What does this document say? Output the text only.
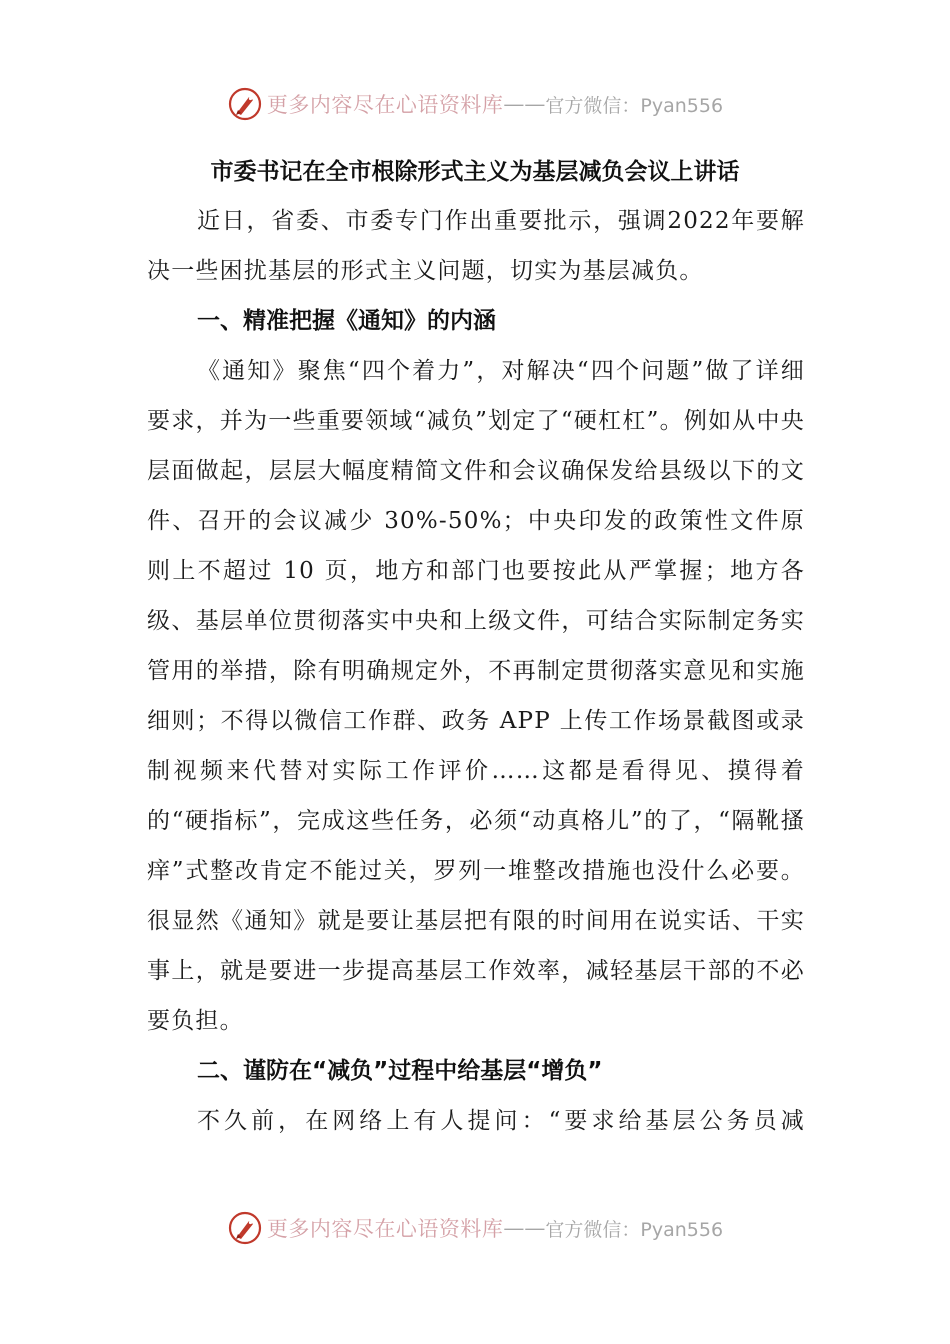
更多内容尽在心语资料库 —— 官方微信：Pyan556
市委书记在全市根除形式主义为基层减负会议上讲话

近日，省委、市委专门作出重要批示，强调2022年要解决一些困扰基层的形式主义问题，切实为基层减负。

一、精准把握《通知》的内涵

《通知》聚焦“四个着力”，对解决“四个问题”做了详细要求，并为一些重要领域“减负”划定了“硬杠杠”。例如从中央层面做起，层层大幅度精简文件和会议确保发给县级以下的文件、召开的会议减少 30%-50%；中央印发的政策性文件原则上不超过 10 页，地方和部门也要按此从严掌握；地方各级、基层单位贯彻落实中央和上级文件，可结合实际制定务实管用的举措，除有明确规定外，不再制定贯彻落实意见和实施细则；不得以微信工作群、政务 APP 上传工作场景截图或录制视频来代替对实际工作评价……这都是看得见、摸得着的“硬指标”，完成这些任务，必须“动真格儿”的了，“隔靴搔痒”式整改肯定不能过关，罗列一堆整改措施也没什么必要。很显然《通知》就是要让基层把有限的时间用在说实话、干实事上，就是要进一步提高基层工作效率，减轻基层干部的不必要负担。

二、谨防在“减负”过程中给基层“增负”

不久前，在网络上有人提问：“要求给基层公务员减

更多内容尽在心语资料库 —— 官方微信：Pyan556
